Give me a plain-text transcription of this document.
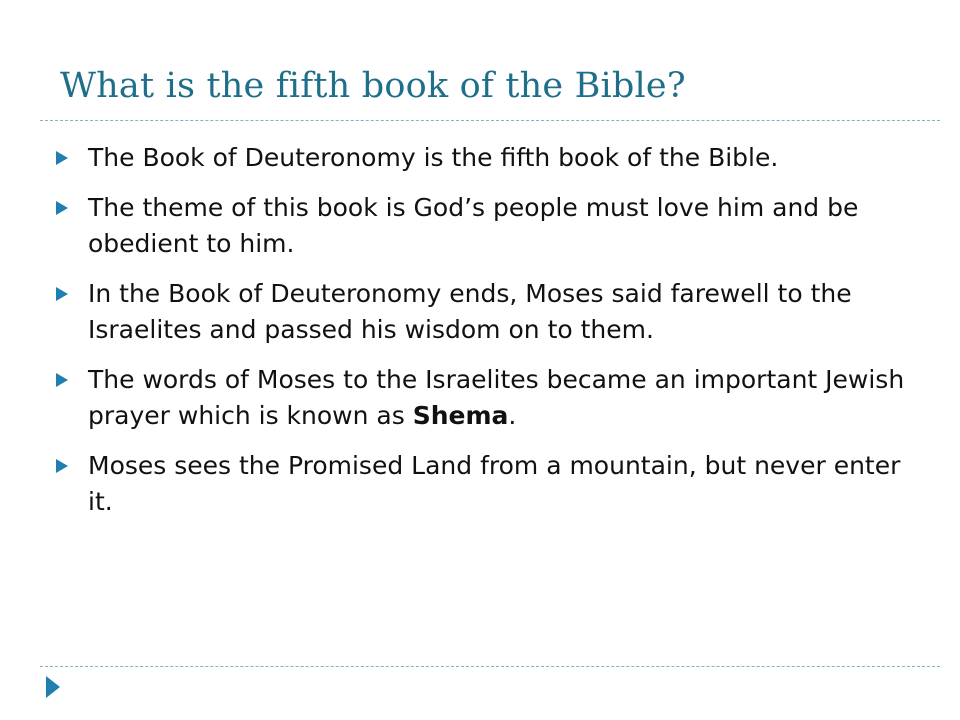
What is the fifth book of the Bible?
The Book of Deuteronomy is the fifth book of the Bible.
The theme of this book is God’s people must love him and be obedient to him.
In the Book of Deuteronomy ends, Moses said farewell to the Israelites and passed his wisdom on to them.
The words of Moses to the Israelites became an important Jewish prayer which is known as Shema.
Moses sees the Promised Land from a mountain, but never enter it.
